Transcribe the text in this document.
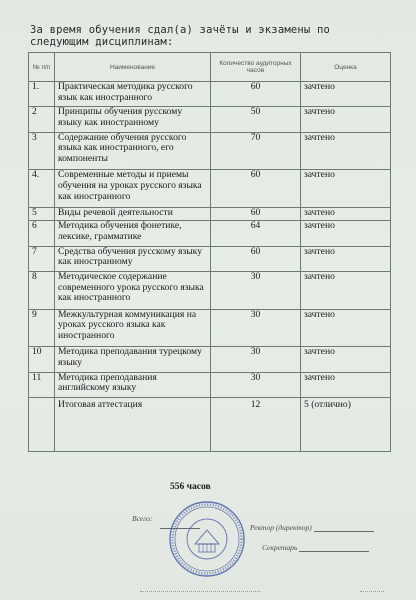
За время обучения сдал(а) зачёты и экзамены по следующим дисциплинам:
№ п/п	Наименование	Количество аудиторных часов	Оценка
1.	Практическая методика русского язык как иностранного	60	зачтено
2	Принципы обучения русскому языку как иностранному	50	зачтено
3	Содержание обучения русского языка как иностранного, его компоненты	70	зачтено
4.	Современные методы и приемы обучения на уроках русского языка как иностранного	60	зачтено
5	Виды речевой деятельности	60	зачтено
6	Методика обучения фонетике, лексике, грамматике	64	зачтено
7	Средства обучения русскому языку как иностранному	60	зачтено
8	Методическое содержание современного урока русского языка как иностранного	30	зачтено
9	Межкультурная коммуникация на уроках русского языка как иностранного	30	зачтено
10	Методика преподавания турецкому языку	30	зачтено
11	Методика преподавания английскому языку	30	зачтено
	Итоговая аттестация	12	5 (отлично)
556 часов
Всего:
Ректор (директор)
Секретарь
